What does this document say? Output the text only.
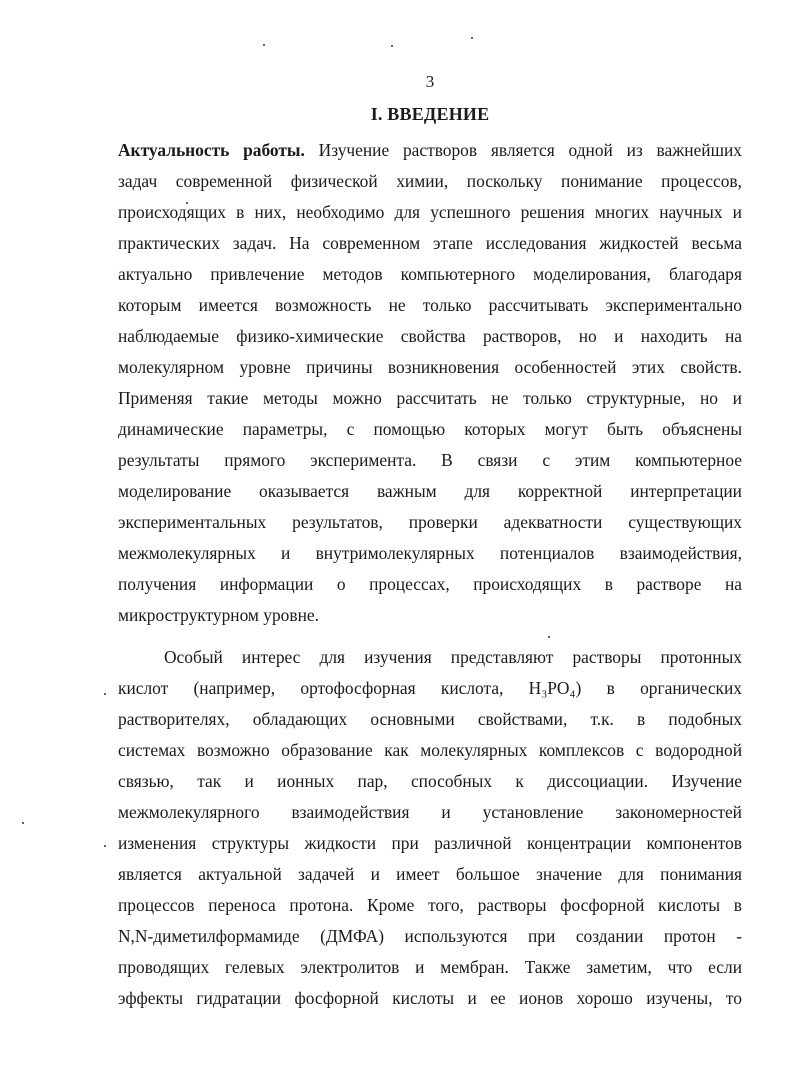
3
I. ВВЕДЕНИЕ
Актуальность работы. Изучение растворов является одной из важнейших
задач современной физической химии, поскольку понимание процессов,
происходящих в них, необходимо для успешного решения многих научных и
практических задач. На современном этапе исследования жидкостей весьма
актуально привлечение методов компьютерного моделирования, благодаря
которым имеется возможность не только рассчитывать экспериментально
наблюдаемые физико-химические свойства растворов, но и находить на
молекулярном уровне причины возникновения особенностей этих свойств.
Применяя такие методы можно рассчитать не только структурные, но и
динамические параметры, с помощью которых могут быть объяснены
результаты прямого эксперимента. В связи с этим компьютерное
моделирование оказывается важным для корректной интерпретации
экспериментальных результатов, проверки адекватности существующих
межмолекулярных и внутримолекулярных потенциалов взаимодействия,
получения информации о процессах, происходящих в растворе на
микроструктурном уровне.
Особый интерес для изучения представляют растворы протонных
кислот (например, ортофосфорная кислота, H₃PO₄) в органических
растворителях, обладающих основными свойствами, т.к. в подобных
системах возможно образование как молекулярных комплексов с водородной
связью, так и ионных пар, способных к диссоциации. Изучение
межмолекулярного взаимодействия и установление закономерностей
изменения структуры жидкости при различной концентрации компонентов
является актуальной задачей и имеет большое значение для понимания
процессов переноса протона. Кроме того, растворы фосфорной кислоты в
N,N-диметилформамиде (ДМФА) используются при создании протон -
проводящих гелевых электролитов и мембран. Также заметим, что если
эффекты гидратации фосфорной кислоты и ее ионов хорошо изучены, то
